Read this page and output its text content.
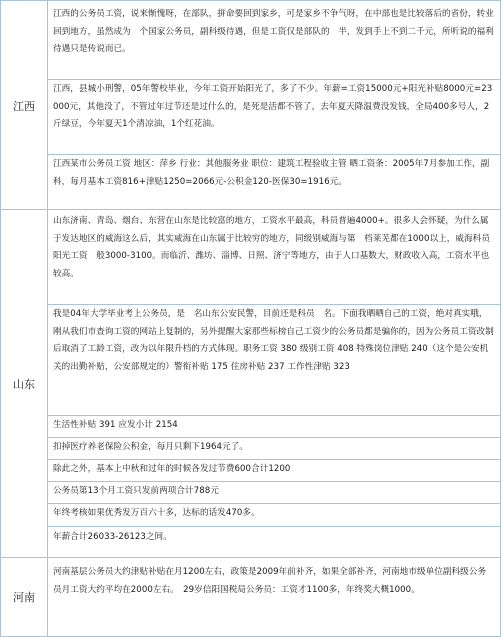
江西
江西的公务员工资，说来惭愧呀，在部队，拼命要回到家乡，可是家乡不争气呀，在中部也是比较落后的省份，转业回到地方，虽然成为　个国家公务员，副科级待遇，但是工资仅是部队的　半，发到手上不到二千元，所听说的福利待遇只是传说而已。
江西，县城小刑警，05年警校毕业，今年工资开始阳光了，多了不少。年薪=工资15000元+阳光补贴8000元=23000元，其他没了，不管过年过节还是过什么的，是死是活都不管了，去年夏天降温费没发钱，全局400多号人，2斤绿豆，今年夏天1个清凉油，1个红花油。
江西某市公务员工资 地区：萍乡 行业：其他服务业 职位：建筑工程验收主管 晒工资条：2005年7月参加工作，副科，每月基本工资816+津贴1250=2066元-公积金120-医保30=1916元。
山东
山东济南、青岛、烟台、东营在山东是比较富的地方，工资水平最高，科员普遍4000+。很多人会怀疑，为什么属于发达地区的威海这么后，其实威海在山东属于比较穷的地方，同级别威海与第　档莱芜都在1000以上，威海科员阳光工资　般3000-3100。而临沂、潍坊、淄博、日照、济宁等地方，由于人口基数大，财政收入高，工资水平也较高。
我是04年大学毕业考上公务员，是　名山东公安民警，目前还是科员　名。下面我晒晒自己的工资，绝对真实哦，刚从我们市查询工资的网站上复制的，另外提醒大家那些标榜自己工资少的公务员都是骗你的，因为公务员工资改制后取消了工龄工资，改为以年限升档的方式体现。职务工资 380 级别工资 408 特殊岗位津贴 240（这个是公安机关的出勤补贴，公安部规定的）警衔补贴 175 住房补贴 237 工作性津贴 323
生活性补贴 391 应发小计 2154
扣掉医疗养老保险公积金，每月只剩下1964元了。
除此之外，基本上中秋和过年的时候各发过节费600合计1200
公务员第13个月工资只发前两项合计788元
年终考核如果优秀发万百六十多，达标的话发470多。
年薪合计26033-26123之间。
河南
河南基层公务员大约津贴补贴在月1200左右，政策是2009年前补齐，如果全部补齐，河南地市级单位副科级公务员月工资大约平均在2000左右。　29岁信阳国税局公务员：工资才1100多，年终奖大概1000。
